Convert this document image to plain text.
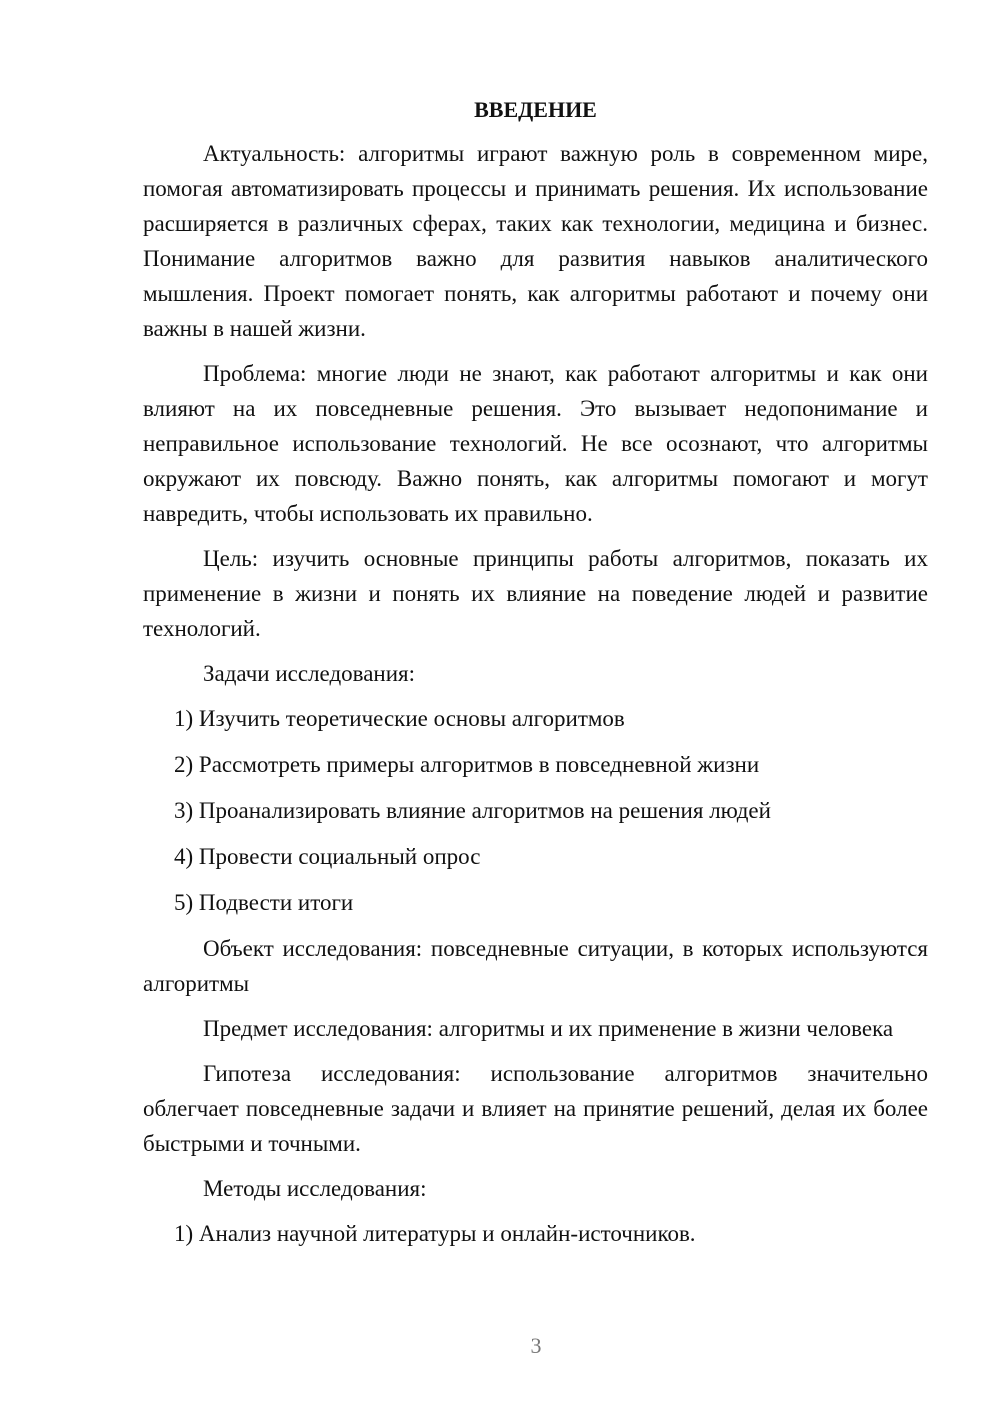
ВВЕДЕНИЕ

Актуальность: алгоритмы играют важную роль в современном мире, помогая автоматизировать процессы и принимать решения. Их использование расширяется в различных сферах, таких как технологии, медицина и бизнес. Понимание алгоритмов важно для развития навыков аналитического мышления. Проект помогает понять, как алгоритмы работают и почему они важны в нашей жизни.

Проблема: многие люди не знают, как работают алгоритмы и как они влияют на их повседневные решения. Это вызывает недопонимание и неправильное использование технологий. Не все осознают, что алгоритмы окружают их повсюду. Важно понять, как алгоритмы помогают и могут навредить, чтобы использовать их правильно.

Цель: изучить основные принципы работы алгоритмов, показать их применение в жизни и понять их влияние на поведение людей и развитие технологий.

Задачи исследования:

1) Изучить теоретические основы алгоритмов
2) Рассмотреть примеры алгоритмов в повседневной жизни
3) Проанализировать влияние алгоритмов на решения людей
4) Провести социальный опрос
5) Подвести итоги

Объект исследования: повседневные ситуации, в которых используются алгоритмы

Предмет исследования: алгоритмы и их применение в жизни человека

Гипотеза исследования: использование алгоритмов значительно облегчает повседневные задачи и влияет на принятие решений, делая их более быстрыми и точными.

Методы исследования:

1) Анализ научной литературы и онлайн-источников.
3
